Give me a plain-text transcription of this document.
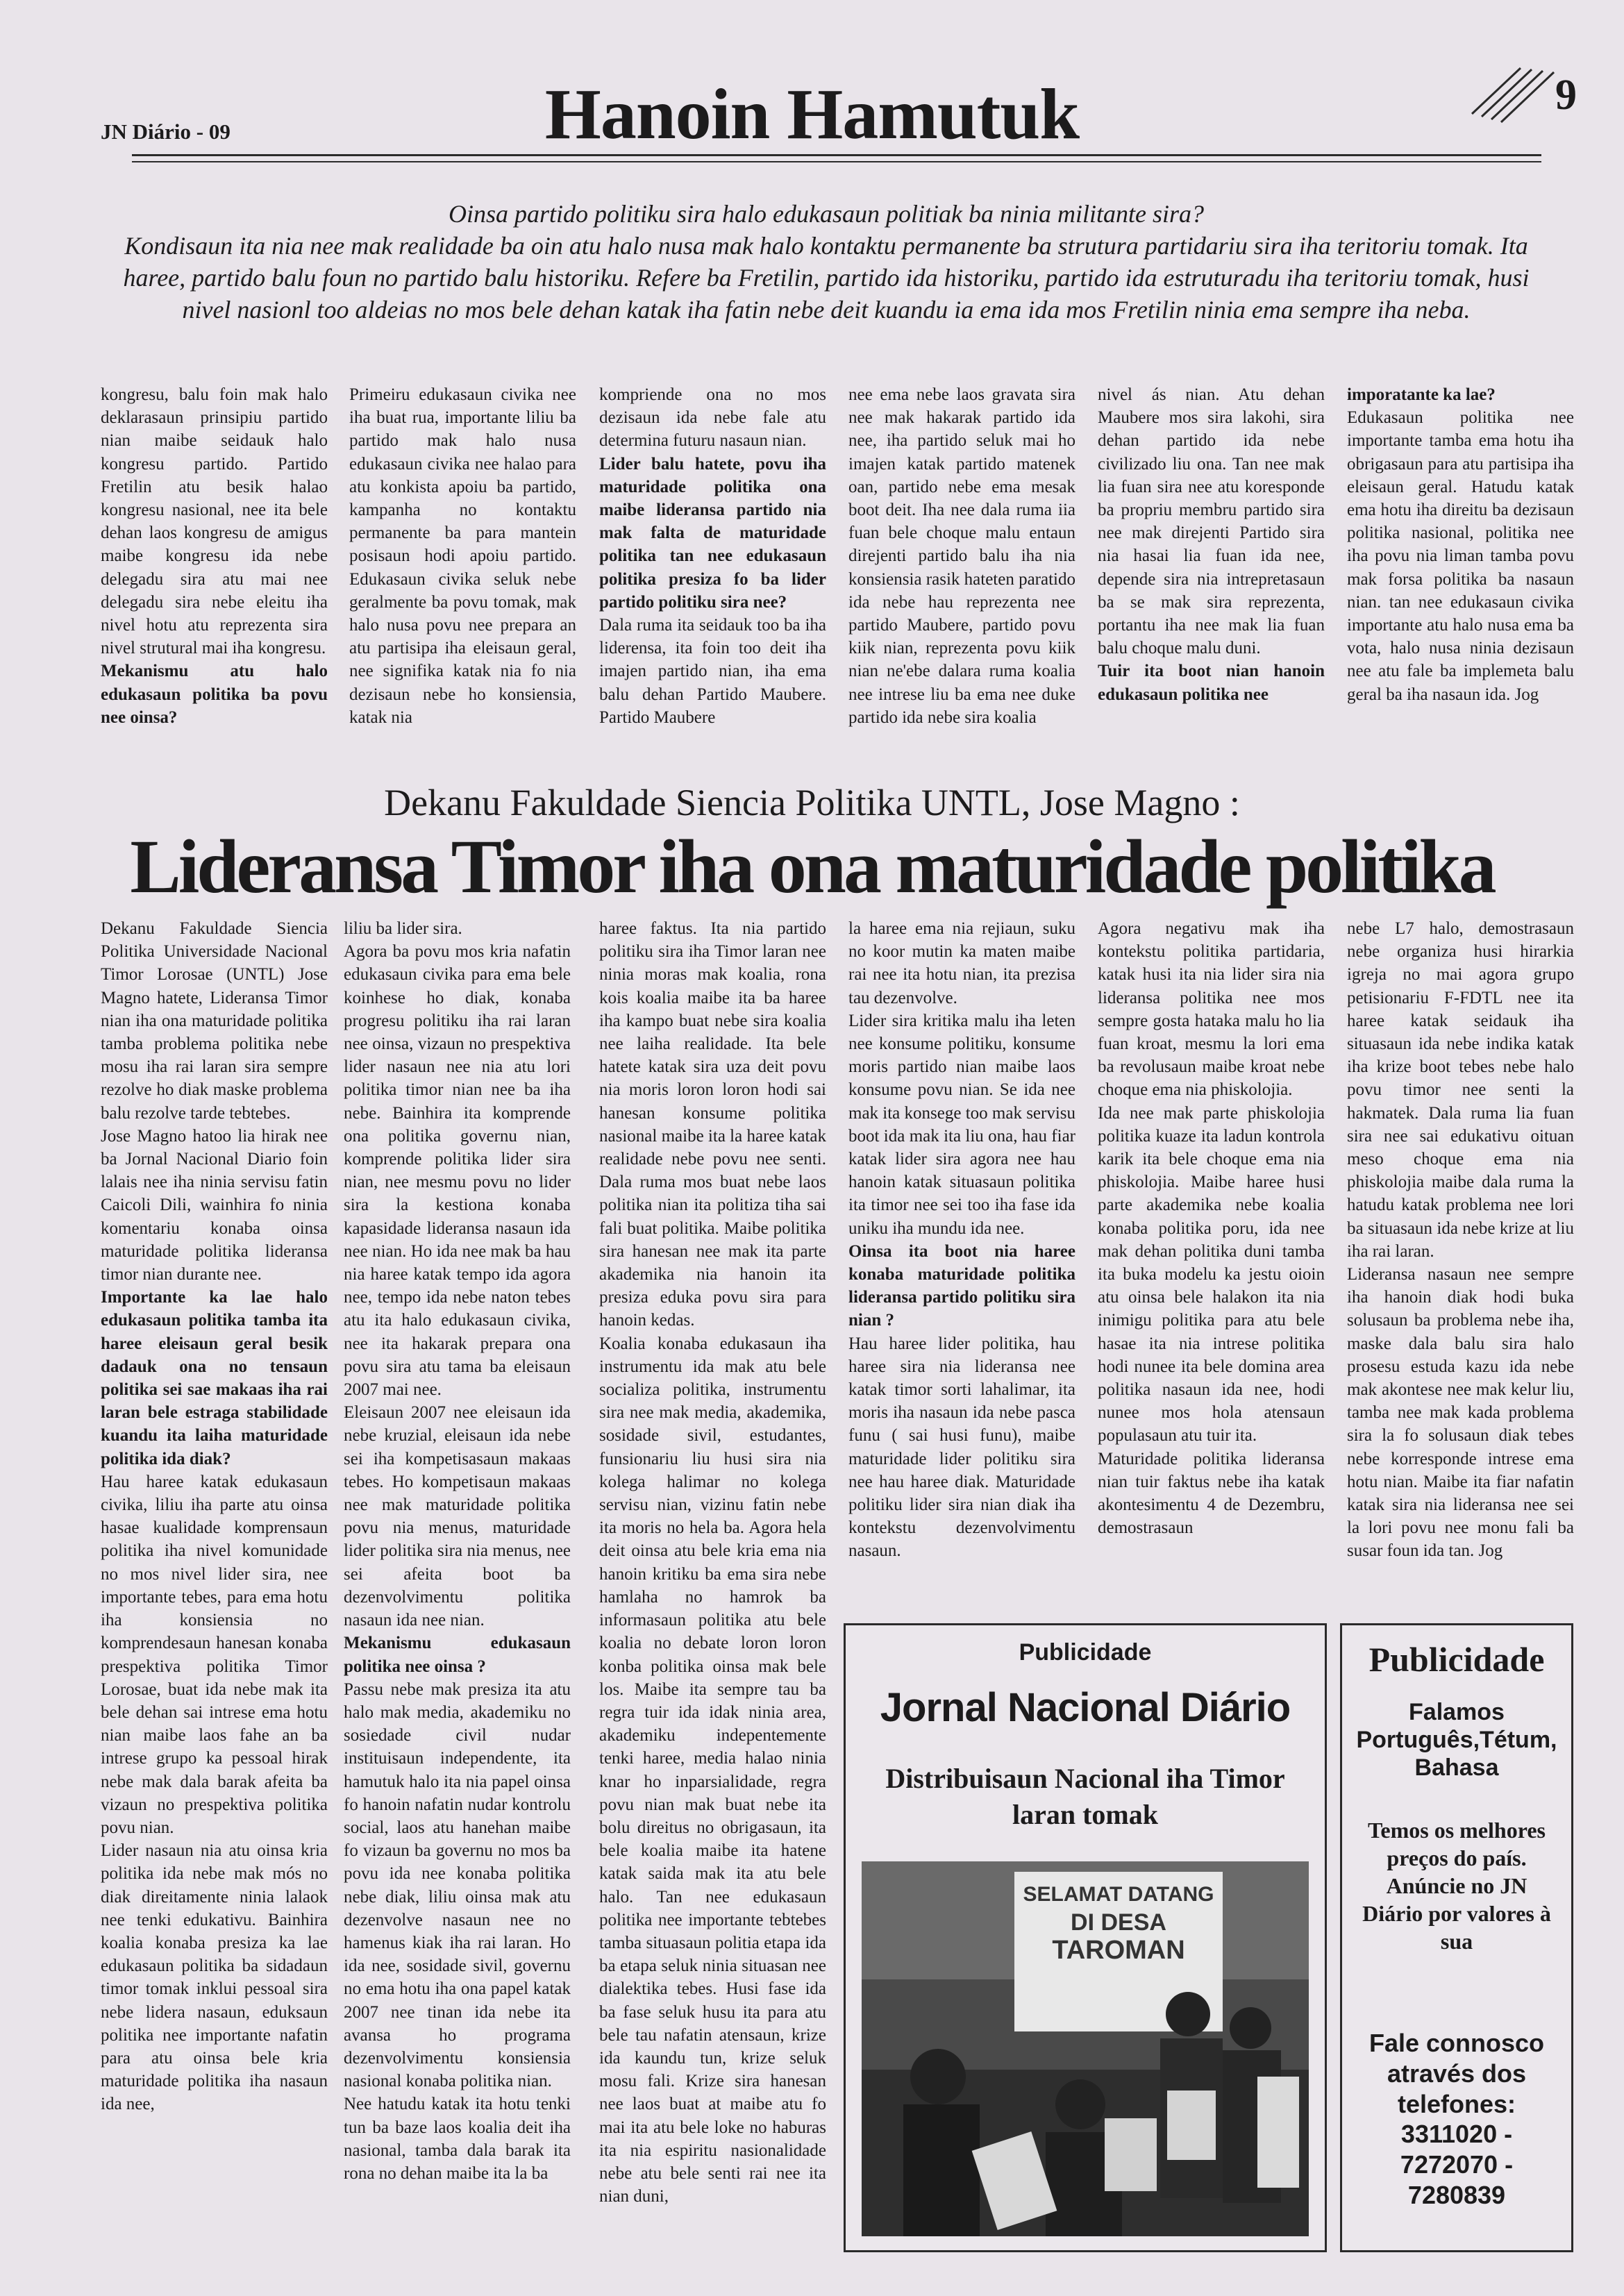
JN Diário - 09	Hanoin Hamutuk	9

Oinsa partido politiku sira halo edukasaun politiak ba ninia militante sira?

Kondisaun ita nia nee mak realidade ba oin atu halo nusa mak halo kontaktu permanente ba strutura partidariu sira iha teritoriu tomak. Ita haree, partido balu foun no partido balu historiku. Refere ba Fretilin, partido ida historiku, partido ida estruturadu iha teritoriu tomak, husi nivel nasionl too aldeias no mos bele dehan katak iha fatin nebe deit kuandu ia ema ida mos Fretilin ninia ema sempre iha neba.

kongresu, balu foin mak halo deklarasaun prinsipiu partido nian maibe seidauk halo kongresu partido. Partido Fretilin atu besik halao kongresu nasional, nee ita bele dehan laos kongresu de amigus maibe kongresu ida nebe delegadu sira atu mai nee delegadu sira nebe eleitu iha nivel hotu atu reprezenta sira nivel strutural mai iha kongresu.

Mekanismu atu halo edukasaun politika ba povu nee oinsa?

Primeiru edukasaun civika nee iha buat rua, importante liliu ba partido mak halo nusa edukasaun civika nee halao para atu konkista apoiu ba partido, kampanha no kontaktu permanente ba para mantein posisaun hodi apoiu partido. Edukasaun civika seluk nebe geralmente ba povu tomak, mak halo nusa povu nee prepara an atu partisipa iha eleisaun geral, nee signifika katak nia fo nia dezisaun nebe ho konsiensia, katak nia

kompriende ona no mos dezisaun ida nebe fale atu determina futuru nasaun nian.

Lider balu hatete, povu iha maturidade politika ona maibe lideransa partido nia mak falta de maturidade politika tan nee edukasaun politika presiza fo ba lider partido politiku sira nee?

Dala ruma ita seidauk too ba iha liderensa, ita foin too deit iha imajen partido nian, iha ema balu dehan Partido Maubere. Partido Maubere

nee ema nebe laos gravata sira nee mak hakarak partido ida nee, iha partido seluk mai ho imajen katak partido matenek oan, partido nebe ema mesak boot deit. Iha nee dala ruma iia fuan bele choque malu entaun direjenti partido balu iha nia konsiensia rasik hateten paratido ida nebe hau reprezenta nee partido Maubere, partido povu kiik nian, reprezenta povu kiik nian ne'ebe dalara ruma koalia nee intrese liu ba ema nee duke partido ida nebe sira koalia

nivel ás nian. Atu dehan Maubere mos sira lakohi, sira dehan partido ida nebe civilizado liu ona. Tan nee mak lia fuan sira nee atu koresponde ba propriu membru partido sira nee mak direjenti Partido sira nia hasai lia fuan ida nee, depende sira nia intrepretasaun ba se mak sira reprezenta, portantu iha nee mak lia fuan balu choque malu duni.

Tuir ita boot nian hanoin edukasaun politika nee

imporatante ka lae?

Edukasaun politika nee importante tamba ema hotu iha obrigasaun para atu partisipa iha eleisaun geral. Hatudu katak ema hotu iha direitu ba dezisaun politika nasional, politika nee iha povu nia liman tamba povu mak forsa politika ba nasaun nian. tan nee edukasaun civika importante atu halo nusa ema ba vota, halo nusa ninia dezisaun nee atu fale ba implemeta balu geral ba iha nasaun ida. Jog

Dekanu Fakuldade Siencia Politika UNTL, Jose Magno :
Lideransa Timor iha ona maturidade politika

Dekanu Fakuldade Siencia Politika Universidade Nacional Timor Lorosae (UNTL) Jose Magno hatete, Lideransa Timor nian iha ona maturidade politika tamba problema politika nebe mosu iha rai laran sira sempre rezolve ho diak maske problema balu rezolve tarde tebtebes.

Jose Magno hatoo lia hirak nee ba Jornal Nacional Diario foin lalais nee iha ninia servisu fatin Caicoli Dili, wainhira fo ninia komentariu konaba oinsa maturidade politika lideransa timor nian durante nee.

Importante ka lae halo edukasaun politika tamba ita haree eleisaun geral besik dadauk ona no tensaun politika sei sae makaas iha rai laran bele estraga stabilidade kuandu ita laiha maturidade politika ida diak?

Hau haree katak edukasaun civika, liliu iha parte atu oinsa hasae kualidade komprensaun politika iha nivel komunidade no mos nivel lider sira, nee importante tebes, para ema hotu iha konsiensia no komprendesaun hanesan konaba prespektiva politika Timor Lorosae, buat ida nebe mak ita bele dehan sai intrese ema hotu nian maibe laos fahe an ba intrese grupo ka pessoal hirak nebe mak dala barak afeita ba vizaun no prespektiva politika povu nian.

Lider nasaun nia atu oinsa kria politika ida nebe mak mós no diak direitamente ninia lalaok nee tenki edukativu. Bainhira koalia konaba presiza ka lae edukasaun politika ba sidadaun timor tomak inklui pessoal sira nebe lidera nasaun, eduksaun politika nee importante nafatin para atu oinsa bele kria maturidade politika iha nasaun ida nee,

liliu ba lider sira.

Agora ba povu mos kria nafatin edukasaun civika para ema bele koinhese ho diak, konaba progresu politiku iha rai laran nee oinsa, vizaun no prespektiva lider nasaun nee nia atu lori politika timor nian nee ba iha nebe. Bainhira ita komprende ona politika governu nian, komprende politika lider sira nian, nee mesmu povu no lider sira la kestiona konaba kapasidade lideransa nasaun ida nee nian. Ho ida nee mak ba hau nia haree katak tempo ida agora nee, tempo ida nebe naton tebes atu ita halo edukasaun civika, nee ita hakarak prepara ona povu sira atu tama ba eleisaun 2007 mai nee.

Eleisaun 2007 nee eleisaun ida nebe kruzial, eleisaun ida nebe sei iha kompetisasaun makaas tebes. Ho kompetisaun makaas nee mak maturidade politika povu nia menus, maturidade lider politika sira nia menus, nee sei afeita boot ba dezenvolvimentu politika nasaun ida nee nian.

Mekanismu edukasaun politika nee oinsa ?

Passu nebe mak presiza ita atu halo mak media, akademiku no sosiedade civil nudar instituisaun independente, ita hamutuk halo ita nia papel oinsa fo hanoin nafatin nudar kontrolu social, laos atu hanehan maibe fo vizaun ba governu no mos ba povu ida nee konaba politika nebe diak, liliu oinsa mak atu dezenvolve nasaun nee no hamenus kiak iha rai laran. Ho ida nee, sosidade sivil, governu no ema hotu iha ona papel katak 2007 nee tinan ida nebe ita avansa ho programa dezenvolvimentu konsiensia nasional konaba politika nian.

Nee hatudu katak ita hotu tenki tun ba baze laos koalia deit iha nasional, tamba dala barak ita rona no dehan maibe ita la ba

haree faktus. Ita nia partido politiku sira iha Timor laran nee ninia moras mak koalia, rona kois koalia maibe ita ba haree iha kampo buat nebe sira koalia nee laiha realidade. Ita bele hatete katak sira uza deit povu nia moris loron loron hodi sai hanesan konsume politika nasional maibe ita la haree katak realidade nebe povu nee senti. Dala ruma mos buat nebe laos politika nian ita politiza tiha sai fali buat politika. Maibe politika sira hanesan nee mak ita parte akademika nia hanoin ita presiza eduka povu sira para hanoin kedas.

Koalia konaba edukasaun iha instrumentu ida mak atu bele socializa politika, instrumentu sira nee mak media, akademika, sosidade sivil, estudantes, funsionariu liu husi sira nia kolega halimar no kolega servisu nian, vizinu fatin nebe ita moris no hela ba. Agora hela deit oinsa atu bele kria ema nia hanoin kritiku ba ema sira nebe hamlaha no hamrok ba informasaun politika atu bele koalia no debate loron loron konba politika oinsa mak bele los. Maibe ita sempre tau ba regra tuir ida idak ninia area, akademiku indepentemente tenki haree, media halao ninia knar ho inparsialidade, regra povu nian mak buat nebe ita bolu direitus no obrigasaun, ita bele koalia maibe ita hatene katak saida mak ita atu bele halo. Tan nee edukasaun politika nee importante tebtebes tamba situasaun politia etapa ida ba etapa seluk ninia situasan nee dialektika tebes. Husi fase ida ba fase seluk husu ita para atu bele tau nafatin atensaun, krize ida kaundu tun, krize seluk mosu fali. Krize sira hanesan nee laos buat at maibe atu fo mai ita atu bele loke no haburas ita nia espiritu nasionalidade nebe atu bele senti rai nee ita nian duni,

la haree ema nia rejiaun, suku no koor mutin ka maten maibe rai nee ita hotu nian, ita prezisa tau dezenvolve.

Lider sira kritika malu iha leten nee konsume politiku, konsume moris partido nian maibe laos konsume povu nian. Se ida nee mak ita konsege too mak servisu boot ida mak ita liu ona, hau fiar katak lider sira agora nee hau hanoin katak situasaun politika ita timor nee sei too iha fase ida uniku iha mundu ida nee.

Oinsa ita boot nia haree konaba maturidade politika lideransa partido politiku sira nian ?

Hau haree lider politika, hau haree sira nia lideransa nee katak timor sorti lahalimar, ita moris iha nasaun ida nebe pasca funu ( sai husi funu), maibe maturidade lider politiku sira nee hau haree diak. Maturidade politiku lider sira nian diak iha kontekstu dezenvolvimentu nasaun.

Agora negativu mak iha kontekstu politika partidaria, katak husi ita nia lider sira nia lideransa politika nee mos sempre gosta hataka malu ho lia fuan kroat, mesmu la lori ema ba revolusaun maibe kroat nebe choque ema nia phiskolojia.

Ida nee mak parte phiskolojia politika kuaze ita ladun kontrola karik ita bele choque ema nia phiskolojia. Maibe haree husi parte akademika nebe koalia konaba politika poru, ida nee mak dehan politika duni tamba ita buka modelu ka jestu oioin atu oinsa bele halakon ita nia inimigu politika para atu bele hasae ita nia intrese politika hodi nunee ita bele domina area politika nasaun ida nee, hodi nunee mos hola atensaun populasaun atu tuir ita.

Maturidade politika lideransa nian tuir faktus nebe iha katak akontesimentu 4 de Dezembru, demostrasaun

nebe L7 halo, demostrasaun nebe organiza husi hirarkia igreja no mai agora grupo petisionariu F-FDTL nee ita haree katak seidauk iha situasaun ida nebe indika katak iha krize boot tebes nebe halo povu timor nee senti la hakmatek. Dala ruma lia fuan sira nee sai edukativu oituan meso choque ema nia phiskolojia maibe dala ruma la hatudu katak problema nee lori ba situasaun ida nebe krize at liu iha rai laran.

Lideransa nasaun nee sempre iha hanoin diak hodi buka solusaun ba problema nebe iha, maske dala balu sira halo prosesu estuda kazu ida nebe mak akontese nee mak kelur liu, tamba nee mak kada problema sira la fo solusaun diak tebes nebe korresponde intrese ema hotu nian. Maibe ita fiar nafatin katak sira nia lideransa nee sei la lori povu nee monu fali ba susar foun ida tan. Jog

Publicidade
Jornal Nacional Diário
Distribuisaun Nacional iha Timor laran tomak
SELAMAT DATANG
DI DESA
TAROMAN
Publicidade
Falamos Português,Tétum, Bahasa
Temos os melhores preços do país. Anúncie no JN Diário por valores à sua
Fale connosco através dos telefones:
3311020 -
7272070 -
7280839
